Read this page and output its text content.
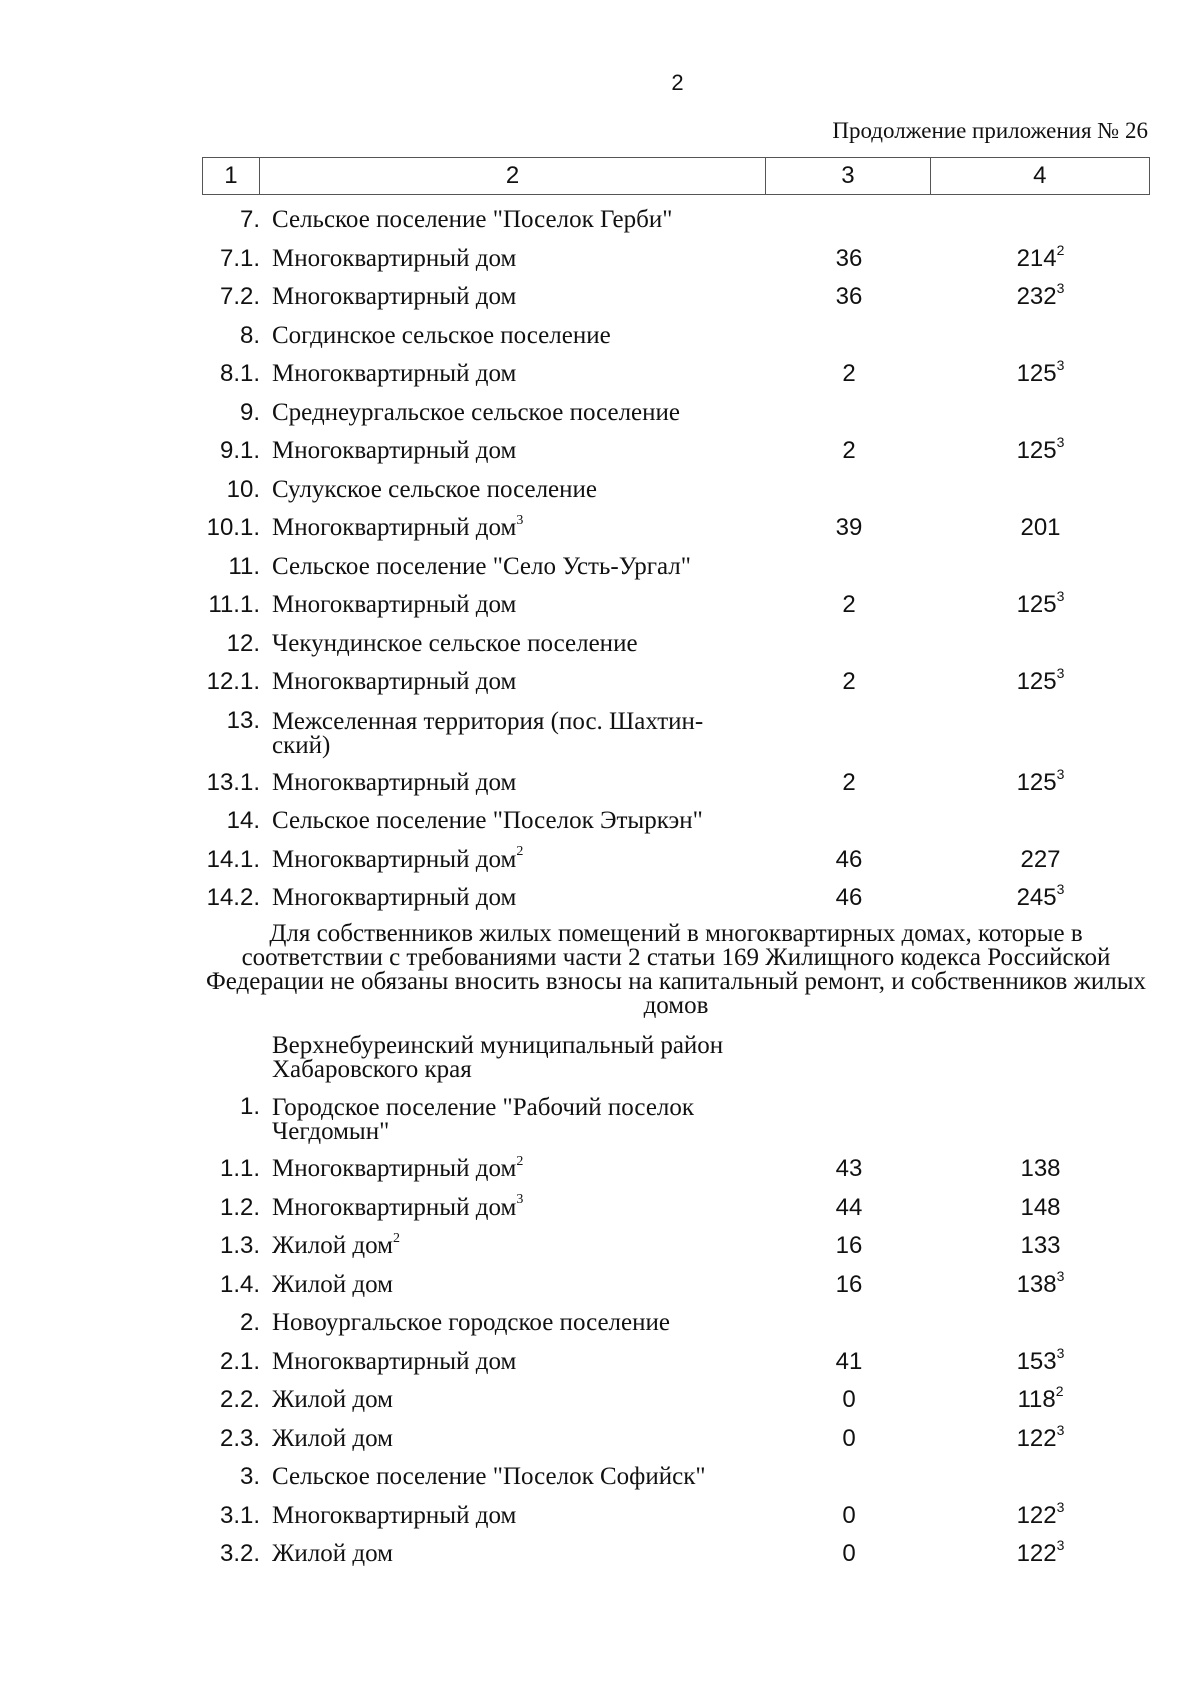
2
Продолжение приложения № 26
1	2	3	4
7. Сельское поселение "Поселок Герби"
7.1. Многоквартирный дом	36	$214^2$
7.2. Многоквартирный дом	36	$232^3$
8. Согдинское сельское поселение
8.1. Многоквартирный дом	2	$125^3$
9. Среднеургальское сельское поселение
9.1. Многоквартирный дом	2	$125^3$
10. Сулукское сельское поселение
10.1. Многоквартирный дом$^3$	39	201
11. Сельское поселение "Село Усть-Ургал"
11.1. Многоквартирный дом	2	$125^3$
12. Чекундинское сельское поселение
12.1. Многоквартирный дом	2	$125^3$
13. Межселенная территория (пос. Шахтин-
ский)
13.1. Многоквартирный дом	2	$125^3$
14. Сельское поселение "Поселок Этыркэн"
14.1. Многоквартирный дом$^2$	46	227
14.2. Многоквартирный дом	46	$245^3$
Для собственников жилых помещений в многоквартирных домах, которые в соответствии с требованиями части 2 статьи 169 Жилищного кодекса Российской Федерации не обязаны вносить взносы на капитальный ремонт, и собственников жилых домов
Верхнебуреинский муниципальный район Хабаровского края
1. Городское поселение "Рабочий поселок
Чегдомын"
1.1. Многоквартирный дом$^2$	43	138
1.2. Многоквартирный дом$^3$	44	148
1.3. Жилой дом$^2$	16	133
1.4. Жилой дом	16	$138^3$
2. Новоургальское городское поселение
2.1. Многоквартирный дом	41	$153^3$
2.2. Жилой дом	0	$118^2$
2.3. Жилой дом	0	$122^3$
3. Сельское поселение "Поселок Софийск"
3.1. Многоквартирный дом	0	$122^3$
3.2. Жилой дом	0	$122^3$
